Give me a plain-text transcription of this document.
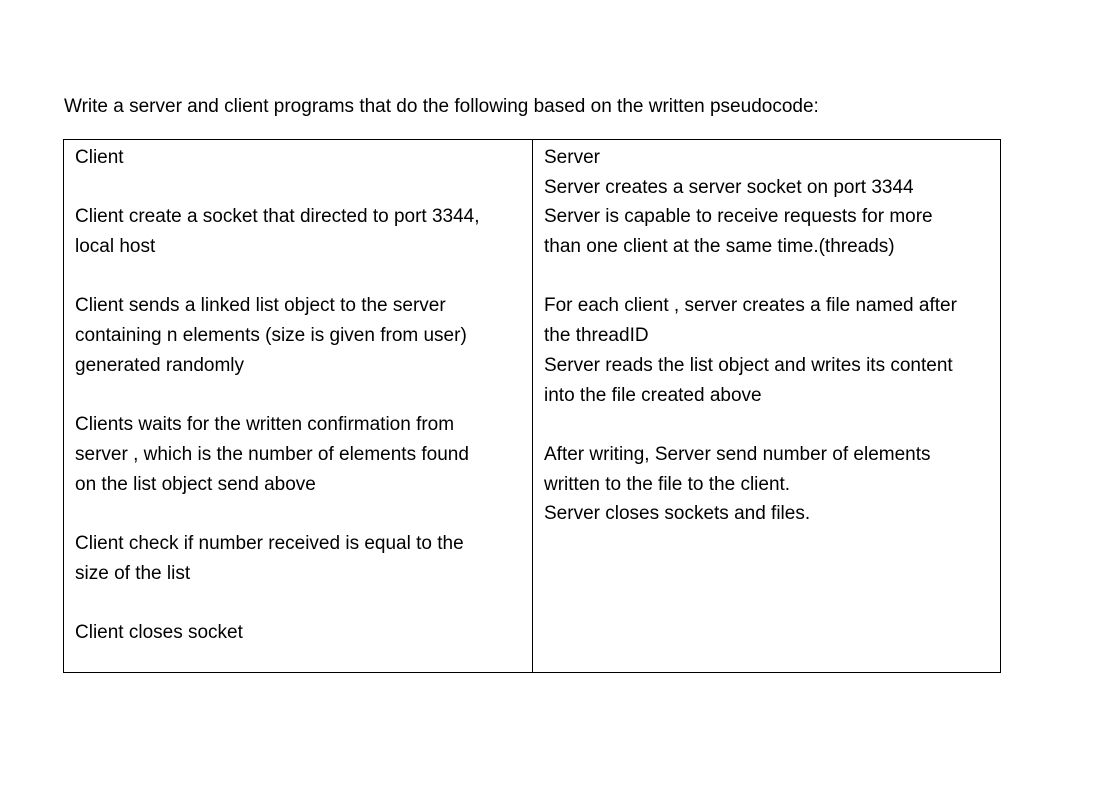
Write a server and client programs that do the following based on the written pseudocode:
Client
Client create a socket that directed to port 3344,
local host
Client sends a linked list object to the server
containing n elements (size is given from user)
generated randomly
Clients waits for the written confirmation from
server , which is the number of elements found
on the list object send above
Client check if number received is equal to the
size of the list
Client closes socket
Server
Server creates a server socket on port 3344
Server is capable to receive requests for more
than one client at the same time.(threads)
For each client , server creates a file named after
the threadID
Server reads the list object and writes its content
into the file created above
After writing, Server send number of elements
written to the file to the client.
Server closes sockets and files.
